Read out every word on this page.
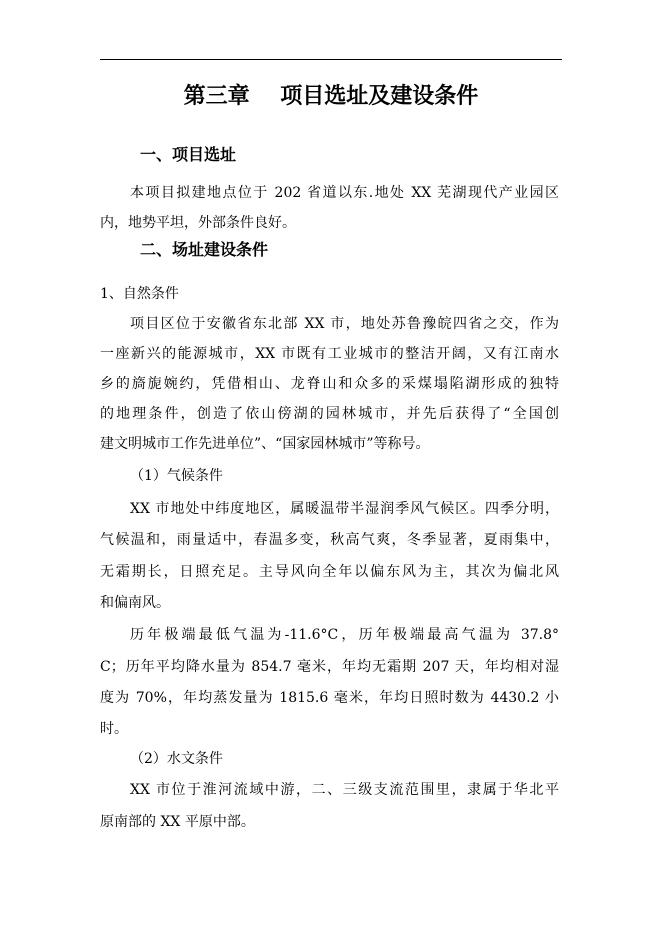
第三章    项目选址及建设条件
一、项目选址
本项目拟建地点位于 202 省道以东.地处 XX 芜湖现代产业园区
内，地势平坦，外部条件良好。
二、场址建设条件
1、自然条件
项目区位于安徽省东北部 XX 市，地处苏鲁豫皖四省之交，作为
一座新兴的能源城市，XX 市既有工业城市的整洁开阔，又有江南水
乡的旖旎婉约，凭借相山、龙脊山和众多的采煤塌陷湖形成的独特
的地理条件，创造了依山傍湖的园林城市，并先后获得了“全国创
建文明城市工作先进单位”、“国家园林城市”等称号。
（1）气候条件
XX 市地处中纬度地区，属暖温带半湿润季风气候区。四季分明，
气候温和，雨量适中，春温多变，秋高气爽，冬季显著，夏雨集中，
无霜期长，日照充足。主导风向全年以偏东风为主，其次为偏北风
和偏南风。
历年极端最低气温为-11.6°C，历年极端最高气温为 37.8°
C；历年平均降水量为 854.7 毫米，年均无霜期 207 天，年均相对湿
度为 70%，年均蒸发量为 1815.6 毫米，年均日照时数为 4430.2 小
时。
（2）水文条件
XX 市位于淮河流域中游，二、三级支流范围里，隶属于华北平
原南部的 XX 平原中部。
